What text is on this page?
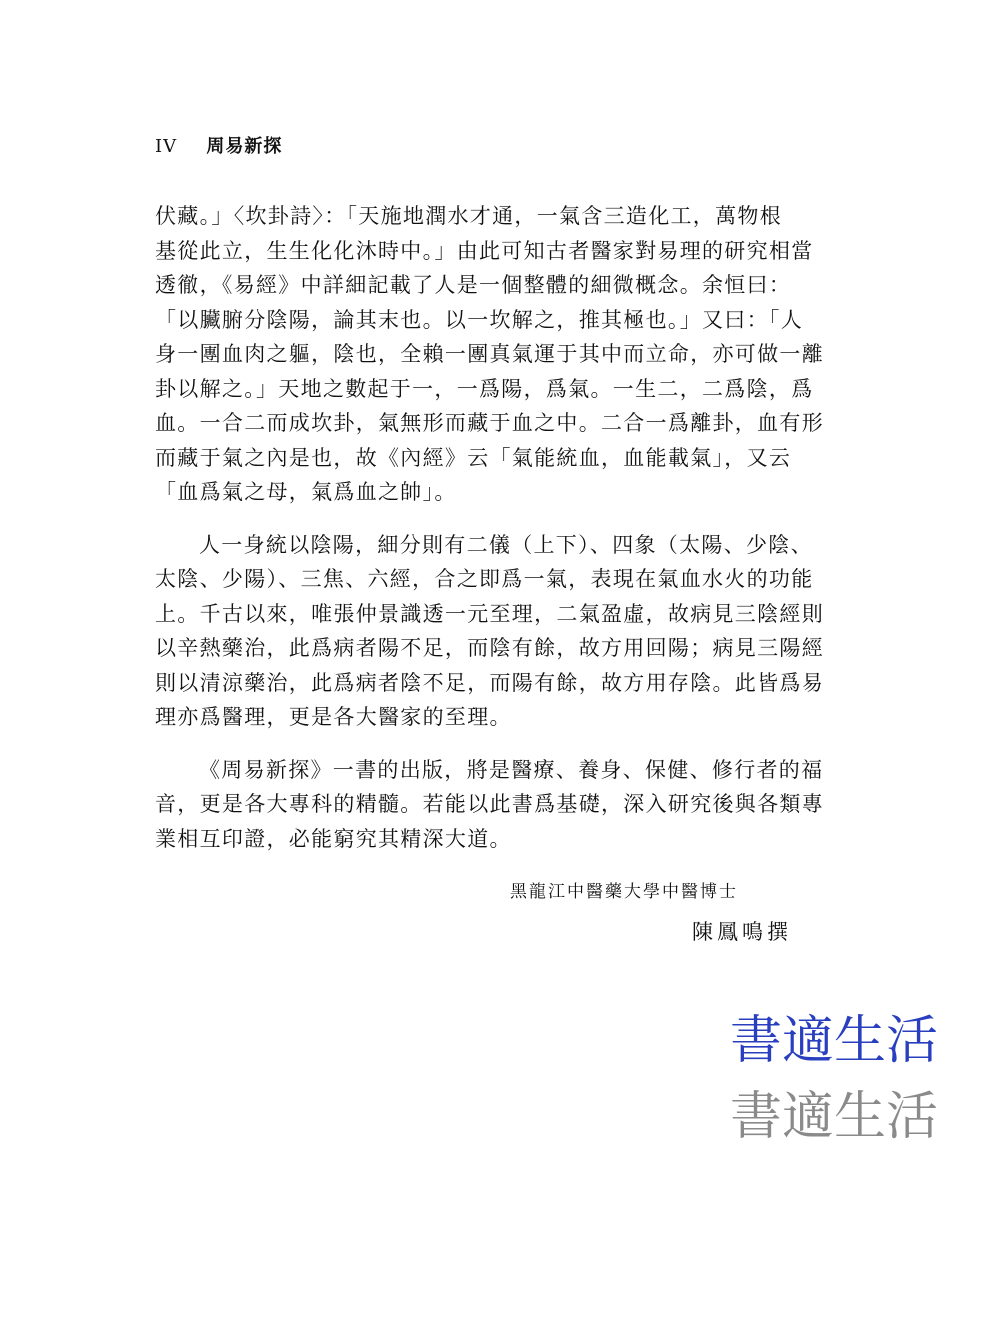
IV 周易新探
伏藏。」〈坎卦詩〉：「天施地潤水才通，一氣含三造化工，萬物根
基從此立，生生化化沐時中。」由此可知古者醫家對易理的研究相當
透徹，《易經》中詳細記載了人是一個整體的細微概念。余恒曰：
「以臟腑分陰陽，論其末也。以一坎解之，推其極也。」又曰：「人
身一團血肉之軀，陰也，全賴一團真氣運于其中而立命，亦可做一離
卦以解之。」天地之數起于一，一爲陽，爲氣。一生二，二爲陰，爲
血。一合二而成坎卦，氣無形而藏于血之中。二合一爲離卦，血有形
而藏于氣之內是也，故《內經》云「氣能統血，血能載氣」，又云
「血爲氣之母，氣爲血之帥」。
人一身統以陰陽，細分則有二儀（上下）、四象（太陽、少陰、
太陰、少陽）、三焦、六經，合之即爲一氣，表現在氣血水火的功能
上。千古以來，唯張仲景識透一元至理，二氣盈虛，故病見三陰經則
以辛熱藥治，此爲病者陽不足，而陰有餘，故方用回陽；病見三陽經
則以清涼藥治，此爲病者陰不足，而陽有餘，故方用存陰。此皆爲易
理亦爲醫理，更是各大醫家的至理。
《周易新探》一書的出版，將是醫療、養身、保健、修行者的福
音，更是各大專科的精髓。若能以此書爲基礎，深入研究後與各類專
業相互印證，必能窮究其精深大道。
黑龍江中醫藥大學中醫博士
陳鳳鳴撰
書適生活
書適生活
